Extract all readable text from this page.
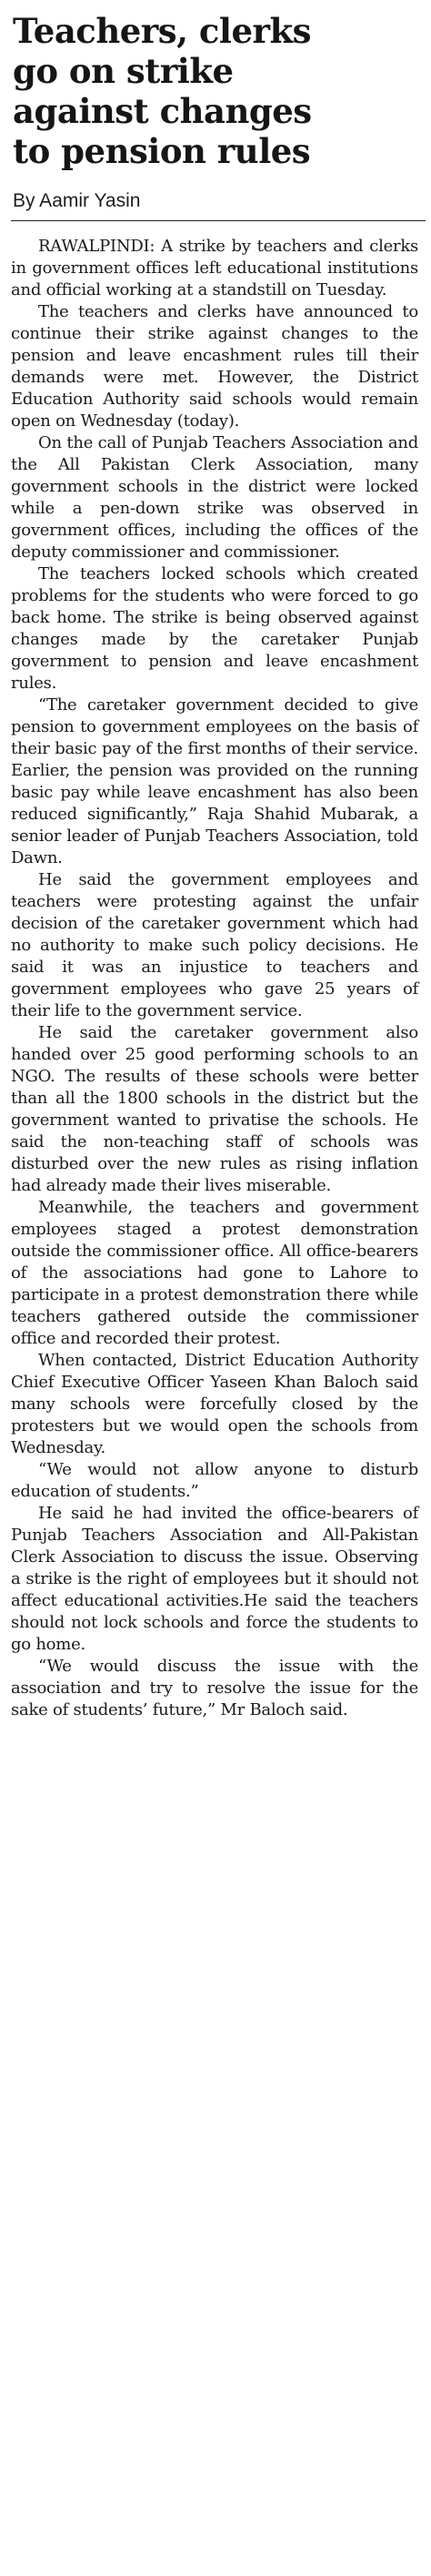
Teachers, clerks
go on strike
against changes
to pension rules
By Aamir Yasin

RAWALPINDI: A strike by teachers and clerks in government offices left educational institutions and official working at a standstill on Tuesday.

The teachers and clerks have announced to continue their strike against changes to the pension and leave encashment rules till their demands were met. However, the District Education Authority said schools would remain open on Wednesday (today).

On the call of Punjab Teachers Association and the All Pakistan Clerk Association, many government schools in the district were locked while a pen-down strike was observed in government offices, including the offices of the deputy commissioner and commissioner.

The teachers locked schools which created problems for the students who were forced to go back home. The strike is being observed against changes made by the caretaker Punjab government to pension and leave encashment rules.

“The caretaker government decided to give pension to government employees on the basis of their basic pay of the first months of their service. Earlier, the pension was provided on the running basic pay while leave encashment has also been reduced significantly,” Raja Shahid Mubarak, a senior leader of Punjab Teachers Association, told Dawn.

He said the government employees and teachers were protesting against the unfair decision of the caretaker government which had no authority to make such policy decisions. He said it was an injustice to teachers and government employees who gave 25 years of their life to the government service.

He said the caretaker government also handed over 25 good performing schools to an NGO. The results of these schools were better than all the 1800 schools in the district but the government wanted to privatise the schools. He said the non-teaching staff of schools was disturbed over the new rules as rising inflation had already made their lives miserable.

Meanwhile, the teachers and government employees staged a protest demonstration outside the commissioner office. All office-bearers of the associations had gone to Lahore to participate in a protest demonstration there while teachers gathered outside the commissioner office and recorded their protest.

When contacted, District Education Authority Chief Executive Officer Yaseen Khan Baloch said many schools were forcefully closed by the protesters but we would open the schools from Wednesday.

“We would not allow anyone to disturb education of students.”

He said he had invited the office-bearers of Punjab Teachers Association and All-Pakistan Clerk Association to discuss the issue. Observing a strike is the right of employees but it should not affect educational activities.He said the teachers should not lock schools and force the students to go home.

“We would discuss the issue with the association and try to resolve the issue for the sake of students’ future,” Mr Baloch said.
